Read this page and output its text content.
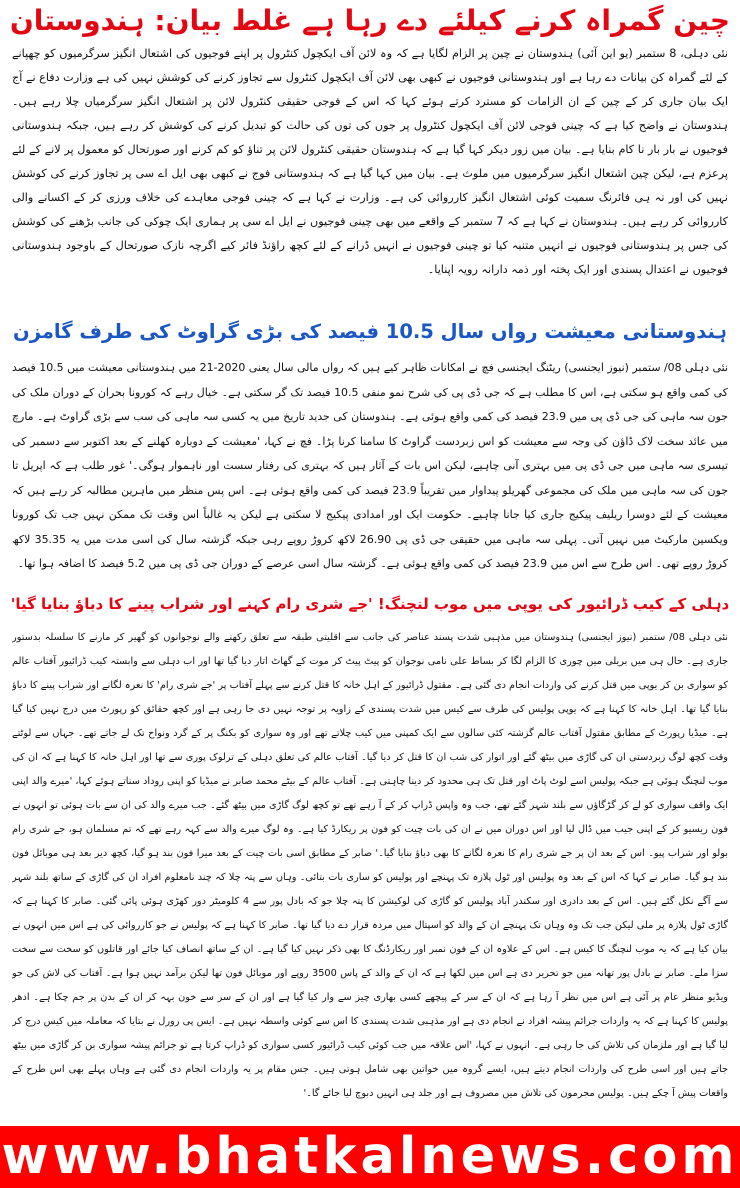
چین گمراہ کرنے کیلئے دے رہا ہے غلط بیان: ہندوستان

نئی دہلی، 8 ستمبر (یو این آئی) ہندوستان نے چین پر الزام لگایا ہے کہ وہ لائن آف ایکچول کنٹرول پر اپنے فوجیوں کی اشتعال انگیز سرگرمیوں کو چھپانے کے لئے گمراہ کن بیانات دے رہا ہے اور ہندوستانی فوجیوں نے کبھی بھی لائن آف ایکچول کنٹرول سے تجاوز کرنے کی کوشش نہیں کی ہے وزارت دفاع نے آج ایک بیان جاری کر کے چین کے ان الزامات کو مسترد کرتے ہوئے کہا کہ اس کے فوجی حقیقی کنٹرول لائن پر اشتعال انگیز سرگرمیاں چلا رہے ہیں۔ ہندوستان نے واضح کیا ہے کہ چینی فوجی لائن آف ایکچول کنٹرول پر جوں کی توں کی حالت کو تبدیل کرنے کی کوشش کر رہے ہیں، جبکہ ہندوستانی فوجیوں نے بار بار نا کام بنایا ہے۔ بیان میں زور دیکر کہا گیا ہے کہ ہندوستان حقیقی کنٹرول لائن پر تناؤ کو کم کرنے اور صورتحال کو معمول پر لانے کے لئے پرعزم ہے، لیکن چین اشتعال انگیز سرگرمیوں میں ملوث ہے۔ بیان میں کہا گیا ہے کہ ہندوستانی فوج نے کبھی بھی ایل اے سی پر تجاوز کرنے کی کوشش نہیں کی اور نہ ہی فائرنگ سمیت کوئی اشتعال انگیز کارروائی کی ہے۔ وزارت نے کہا ہے کہ چینی فوجی معاہدے کی خلاف ورزی کر کے اکسانے والی کارروائی کر رہے ہیں۔ ہندوستان نے کہا ہے کہ 7 ستمبر کے واقعے میں بھی چینی فوجیوں نے ایل اے سی پر ہماری ایک چوکی کی جانب بڑھنے کی کوشش کی جس پر ہندوستانی فوجیوں نے انہیں متنبہ کیا تو چینی فوجیوں نے انہیں ڈرانے کے لئے کچھ راؤنڈ فائر کیے اگرچہ نازک صورتحال کے باوجود ہندوستانی فوجیوں نے اعتدال پسندی اور ایک پختہ اور ذمہ دارانہ رویہ اپنایا۔

ہندوستانی معیشت رواں سال 10.5 فیصد کی بڑی گراوٹ کی طرف گامزن

نئی دہلی 08/ ستمبر (نیوز ایجنسی) ریٹنگ ایجنسی فچ نے امکانات ظاہر کیے ہیں کہ رواں مالی سال یعنی 2020-21 میں ہندوستانی معیشت میں 10.5 فیصد کی کمی واقع ہو سکتی ہے، اس کا مطلب ہے کہ جی ڈی پی کی شرح نمو منفی 10.5 فیصد تک گر سکتی ہے۔ خیال رہے کہ کورونا بحران کے دوران ملک کی جون سہ ماہی کی جی ڈی پی میں 23.9 فیصد کی کمی واقع ہوئی ہے۔ ہندوستان کی جدید تاریخ میں یہ کسی سہ ماہی کی سب سے بڑی گراوٹ ہے۔ مارچ میں عائد سخت لاک ڈاؤن کی وجہ سے معیشت کو اس زبردست گراوٹ کا سامنا کرنا پڑا۔ فچ نے کہا، 'معیشت کے دوبارہ کھلنے کے بعد اکتوبر سے دسمبر کی تیسری سہ ماہی میں جی ڈی پی میں بہتری آنی چاہیے، لیکن اس بات کے آثار ہیں کہ بہتری کی رفتار سست اور ناہموار ہوگی۔' غور طلب ہے کہ اپریل تا جون کی سہ ماہی میں ملک کی مجموعی گھریلو پیداوار میں تقریباً 23.9 فیصد کی کمی واقع ہوئی ہے۔ اس پس منظر میں ماہرین مطالبہ کر رہے ہیں کہ معیشت کے لئے دوسرا ریلیف پیکیج جاری کیا جانا چاہیے۔ حکومت ایک اور امدادی پیکیج لا سکتی ہے لیکن یہ غالباً اس وقت تک ممکن نہیں جب تک کورونا ویکسین مارکیٹ میں نہیں آتی۔ پہلی سہ ماہی میں حقیقی جی ڈی پی 26.90 لاکھ کروڑ روپے رہی جبکہ گزشتہ سال کی اسی مدت میں یہ 35.35 لاکھ کروڑ روپے تھی۔ اس طرح سے اس میں 23.9 فیصد کی کمی واقع ہوئی ہے۔ گزشتہ سال اسی عرصے کے دوران جی ڈی پی میں 5.2 فیصد کا اضافہ ہوا تھا۔

دہلی کے کیب ڈرائیور کی یوپی میں موب لنچنگ! 'جے شری رام کہنے اور شراب پینے کا دباؤ بنایا گیا'

نئی دہلی 08/ ستمبر (نیوز ایجنسی) ہندوستان میں مذہبی شدت پسند عناصر کی جانب سے اقلیتی طبقہ سے تعلق رکھنے والے نوجوانوں کو گھیر کر مارنے کا سلسلہ بدستور جاری ہے۔ حال ہی میں بریلی میں چوری کا الزام لگا کر بساط علی نامی نوجوان کو پیٹ پیٹ کر موت کے گھاٹ اتار دیا گیا تھا اور اب دہلی سے وابستہ کیب ڈرائیور آفتاب عالم کو سواری بن کر یوپی میں قتل کرنے کی واردات انجام دی گئی ہے۔ مقتول ڈرائیور کے اہل خانہ کا قتل کرنے سے پہلے آفتاب پر 'جے شری رام' کا نعرہ لگانے اور شراب پینے کا دباؤ بنایا گیا تھا۔ اہل خانہ کا کہنا ہے کہ یوپی پولیس کی طرف سے کیس میں شدت پسندی کے زاویہ پر توجہ نہیں دی جا رہی ہے اور کچھ حقائق کو رپورٹ میں درج نہیں کیا گیا ہے۔ میڈیا رپورٹ کے مطابق مقتول آفتاب عالم گزشتہ کئی سالوں سے ایک کمپنی میں کیب چلاتے تھے اور وہ سواری کو بکنگ پر کے گرد ونواح تک لے جاتے تھے۔ جہاں سے لوٹتے وقت کچھ لوگ زبردستی ان کی گاڑی میں بیٹھ گئے اور اتوار کی شب ان کا قتل کر دیا گیا۔ آفتاب عالم کی تعلق دہلی کے ترلوک پوری سے تھا اور اہل خانہ کا کہنا ہے کہ ان کی موب لنچنگ ہوئی ہے جبکہ پولیس اسے لوٹ پاٹ اور قتل تک ہی محدود کر دینا چاہتی ہے۔ آفتاب عالم کے بیٹے محمد صابر نے میڈیا کو اپنی روداد سناتے ہوئے کہا، 'میرے والد اپنی ایک واقف سواری کو لے کر گڑگاؤں سے بلند شہر گئے تھے، جب وہ واپس ڈراپ کر کے آ رہے تھے تو کچھ لوگ گاڑی میں بیٹھ گئے۔ جب میرے والد کی ان سے بات ہوئی تو انہوں نے فون ریسیو کر کے اپنی جیب میں ڈال لیا اور اس دوران میں نے ان کی بات چیت کو فون پر ریکارڈ کیا ہے۔ وہ لوگ میرے والد سے کہہ رہے تھے کہ تم مسلمان ہو، جے شری رام بولو اور شراب پیو۔ اس کے بعد ان پر جے شری رام کا نعرہ لگانے کا بھی دباؤ بنایا گیا۔' صابر کے مطابق اسی بات چیت کے بعد میرا فون بند ہو گیا، کچھ دیر بعد ہی موبائل فون بند ہو گیا۔ صابر نے کہا کہ اس کے بعد وہ پولیس اور ٹول پلازہ تک پہنچے اور پولیس کو ساری بات بتائی۔ وہاں سے پتہ چلا کہ چند نامعلوم افراد ان کی گاڑی کے ساتھ بلند شہر سے آگے نکل گئے ہیں۔ اس کے بعد دادری اور سکندر آباد پولیس کو گاڑی کی لوکیشن کا پتہ چلا جو کہ بادل پور سے 4 کلومیٹر دور کھڑی ہوئی پائی گئی۔ صابر کا کہنا ہے کہ گاڑی ٹول پلازہ پر ملی لیکن جب تک وہ وہاں تک پہنچے ان کے والد کو اسپتال میں مردہ قرار دے دیا گیا تھا۔ صابر کا کہنا ہے کہ پولیس نے جو کارروائی کی ہے اس میں انہوں نے بیان کیا ہے کہ یہ موب لنچنگ کا کیس ہے۔ اس کے علاوہ ان کے فون نمبر اور ریکارڈنگ کا بھی ذکر نہیں کیا گیا ہے۔ ان کے ساتھ انصاف کیا جائے اور قاتلوں کو سخت سے سخت سزا ملے۔ صابر نے بادل پور تھانہ میں جو تحریر دی ہے اس میں لکھا ہے کہ ان کے والد کے پاس 3500 روپے اور موبائل فون تھا لیکن برآمد نہیں ہوا ہے۔ آفتاب کی لاش کی جو ویڈیو منظر عام پر آئی ہے اس میں نظر آ رہا ہے کہ ان کے سر کے پیچھے کسی بھاری چیز سے وار کیا گیا ہے اور ان کے سر سے خون بہہ کر ان کے بدن پر جم چکا ہے۔ ادھر پولیس کا کہنا ہے کہ یہ واردات جرائم پیشہ افراد نے انجام دی ہے اور مذہبی شدت پسندی کا اس سے کوئی واسطہ نہیں ہے۔ ایس پی رورل نے بتایا کہ معاملہ میں کیس درج کر لیا گیا ہے اور ملزمان کی تلاش کی جا رہی ہے۔ انہوں نے کہا، 'اس علاقہ میں جب کوئی کیب ڈرائیور کسی سواری کو ڈراپ کرتا ہے تو جرائم پیشہ سواری بن کر گاڑی میں بیٹھ جاتے ہیں اور اسی طرح کی واردات انجام دیتے ہیں، ایسے گروہ میں خواتین بھی شامل ہوتی ہیں۔ جس مقام پر یہ واردات انجام دی گئی ہے وہاں پہلے بھی اس طرح کے واقعات پیش آ چکے ہیں۔ پولیس مجرمون کی تلاش میں مصروف ہے اور جلد ہی انہیں دبوچ لیا جائے گا۔'

www.bhatkalnews.com
